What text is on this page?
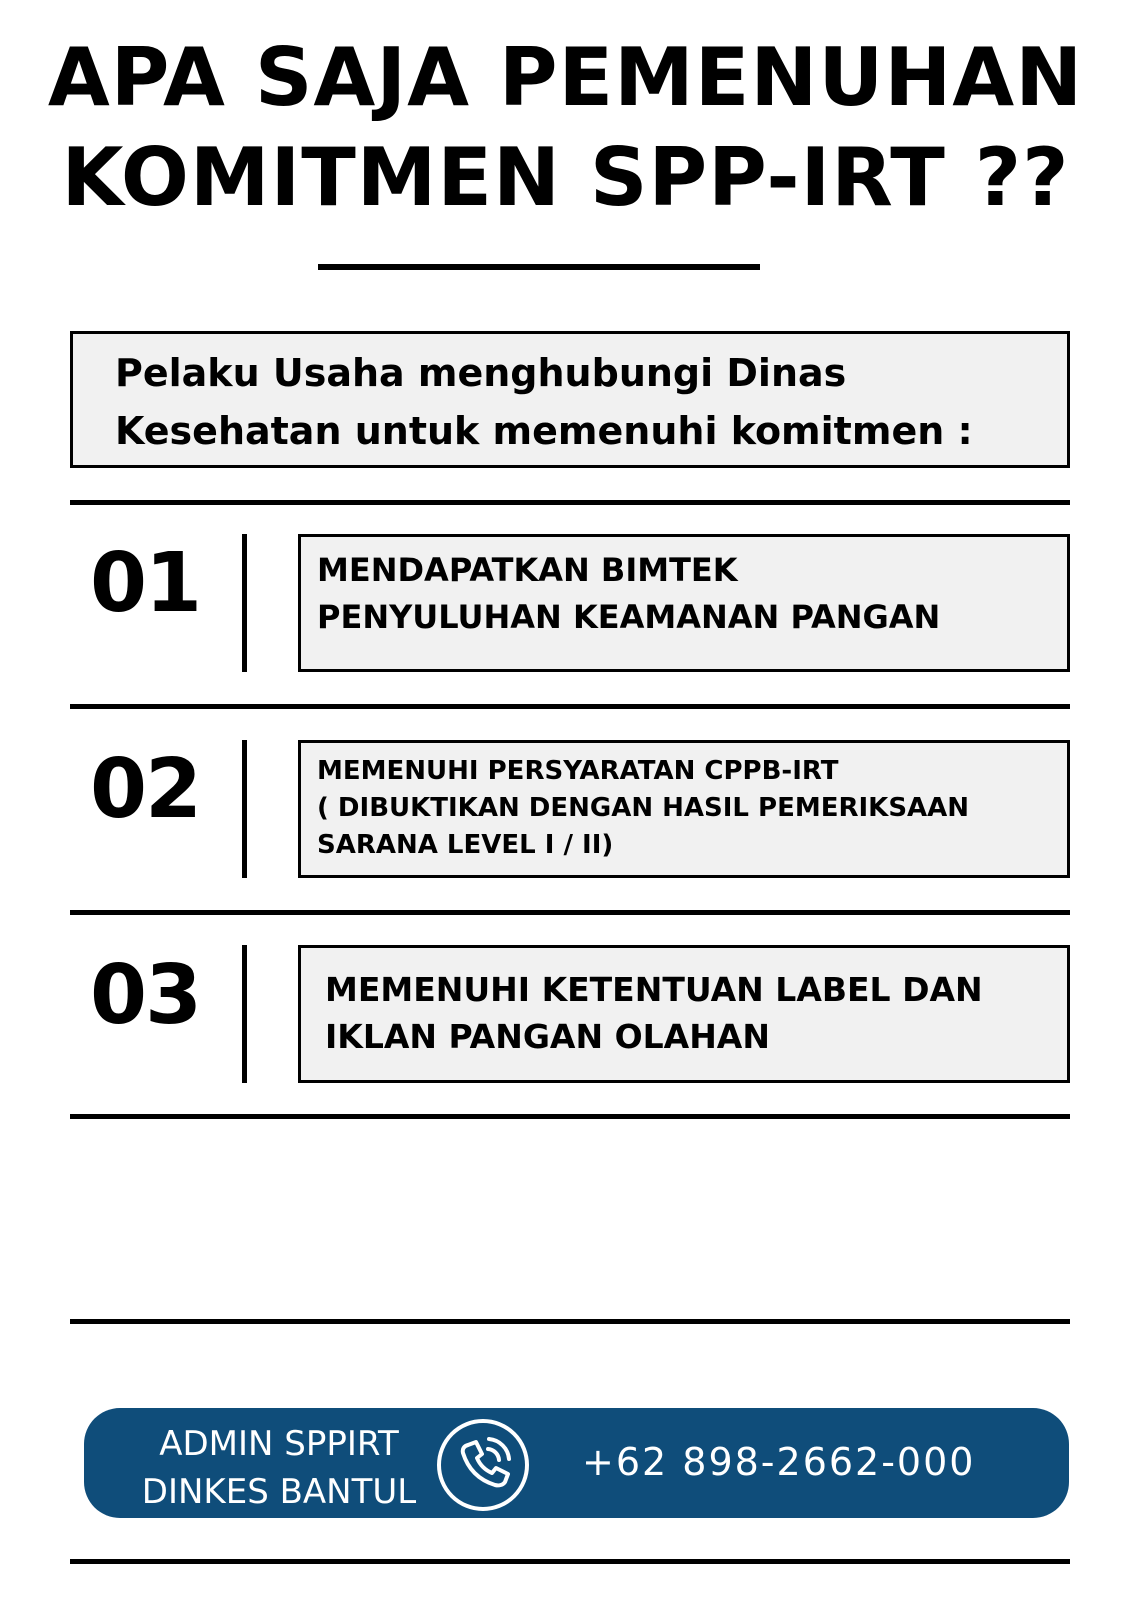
APA SAJA PEMENUHAN
KOMITMEN SPP-IRT ??
Pelaku Usaha menghubungi Dinas
Kesehatan untuk memenuhi komitmen :
01	MENDAPATKAN BIMTEK
PENYULUHAN KEAMANAN PANGAN
02	MEMENUHI PERSYARATAN CPPB-IRT
( DIBUKTIKAN DENGAN HASIL PEMERIKSAAN
SARANA LEVEL I / II)
03	MEMENUHI KETENTUAN LABEL DAN
IKLAN PANGAN OLAHAN
ADMIN SPPIRT
DINKES BANTUL
+62 898-2662-000
